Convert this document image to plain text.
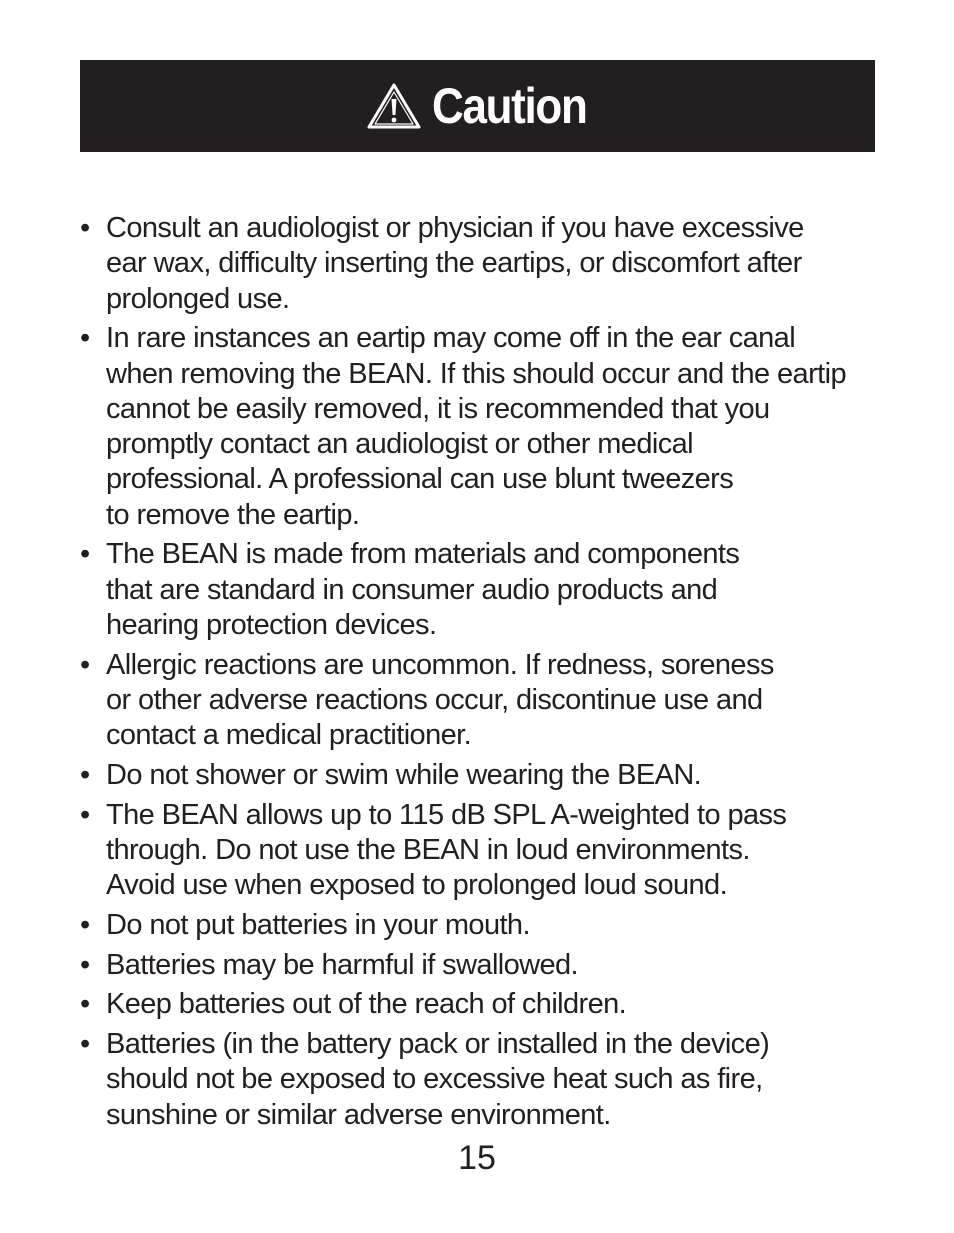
Caution
• Consult an audiologist or physician if you have excessive
ear wax, difficulty inserting the eartips, or discomfort after
prolonged use.
• In rare instances an eartip may come off in the ear canal
when removing the BEAN. If this should occur and the eartip
cannot be easily removed, it is recommended that you
promptly contact an audiologist or other medical
professional. A professional can use blunt tweezers
to remove the eartip.
• The BEAN is made from materials and components
that are standard in consumer audio products and
hearing protection devices.
• Allergic reactions are uncommon. If redness, soreness
or other adverse reactions occur, discontinue use and
contact a medical practitioner.
• Do not shower or swim while wearing the BEAN.
• The BEAN allows up to 115 dB SPL A-weighted to pass
through. Do not use the BEAN in loud environments.
Avoid use when exposed to prolonged loud sound.
• Do not put batteries in your mouth.
• Batteries may be harmful if swallowed.
• Keep batteries out of the reach of children.
• Batteries (in the battery pack or installed in the device)
should not be exposed to excessive heat such as fire,
sunshine or similar adverse environment.
15
